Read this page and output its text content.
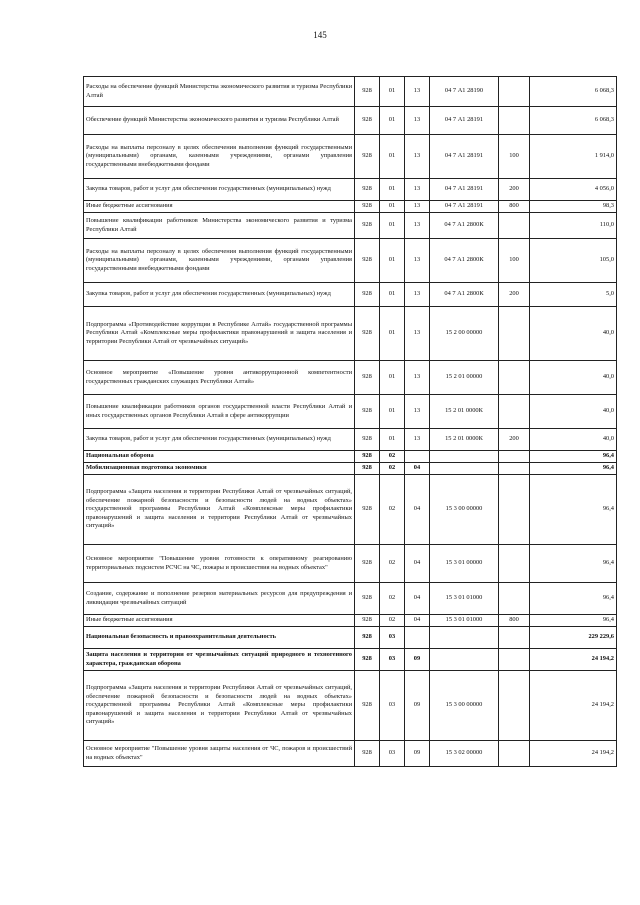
145
Расходы на обеспечение функций Министерства экономического развития и туризма Республики Алтай	928	01	13	04 7 А1 28190		6 068,3
Обеспечение функций Министерства экономического развития и туризма Республики Алтай	928	01	13	04 7 А1 28191		6 068,3
Расходы на выплаты персоналу в целях обеспечения выполнения функций государственными (муниципальными) органами, казенными учреждениями, органами управления государственными внебюджетными фондами	928	01	13	04 7 А1 28191	100	1 914,0
Закупка товаров, работ и услуг для обеспечения государственных (муниципальных) нужд	928	01	13	04 7 А1 28191	200	4 056,0
Иные бюджетные ассигнования	928	01	13	04 7 А1 28191	800	98,3
Повышение квалификации работников Министерства экономического развития и туризма Республики Алтай	928	01	13	04 7 А1 2800К		110,0
Расходы на выплаты персоналу в целях обеспечения выполнения функций государственными (муниципальными) органами, казенными учреждениями, органами управления государственными внебюджетными фондами	928	01	13	04 7 А1 2800К	100	105,0
Закупка товаров, работ и услуг для обеспечения государственных (муниципальных) нужд	928	01	13	04 7 А1 2800К	200	5,0
Подпрограмма «Противодействие коррупции в Республике Алтай» государственной программы Республики Алтай «Комплексные меры профилактики правонарушений и защита населения и территории Республики Алтай от чрезвычайных ситуаций»	928	01	13	15 2 00 00000		40,0
Основное мероприятие «Повышение уровня антикоррупционной компетентности государственных гражданских служащих Республики Алтай»	928	01	13	15 2 01 00000		40,0
Повышение квалификации работников органов государственной власти Республики Алтай и иных государственных органов Республики Алтай в сфере антикоррупции	928	01	13	15 2 01 0000К		40,0
Закупка товаров, работ и услуг для обеспечения государственных (муниципальных) нужд	928	01	13	15 2 01 0000К	200	40,0
Национальная оборона	928	02				96,4
Мобилизационная подготовка экономики	928	02	04			96,4
Подпрограмма «Защита населения и территории Республики Алтай от чрезвычайных ситуаций, обеспечение пожарной безопасности и безопасности людей на водных объектах» государственной программы Республики Алтай «Комплексные меры профилактики правонарушений и защита населения и территории Республики Алтай от чрезвычайных ситуаций»	928	02	04	15 3 00 00000		96,4
Основное мероприятие "Повышение уровня готовности к оперативному реагированию территориальных подсистем РСЧС на ЧС, пожары и происшествия на водных объектах"	928	02	04	15 3 01 00000		96,4
Создание, содержание и пополнение резервов материальных ресурсов для предупреждения и ликвидации чрезвычайных ситуаций	928	02	04	15 3 01 01000		96,4
Иные бюджетные ассигнования	928	02	04	15 3 01 01000	800	96,4
Национальная безопасность и правоохранительная деятельность	928	03				229 229,6
Защита населения и территории от чрезвычайных ситуаций природного и техногенного характера, гражданская оборона	928	03	09			24 194,2
Подпрограмма «Защита населения и территории Республики Алтай от чрезвычайных ситуаций, обеспечение пожарной безопасности и безопасности людей на водных объектах» государственной программы Республики Алтай «Комплексные меры профилактики правонарушений и защита населения и территории Республики Алтай от чрезвычайных ситуаций»	928	03	09	15 3 00 00000		24 194,2
Основное мероприятие "Повышение уровня защиты населения от ЧС, пожаров и происшествий на водных объектах"	928	03	09	15 3 02 00000		24 194,2
